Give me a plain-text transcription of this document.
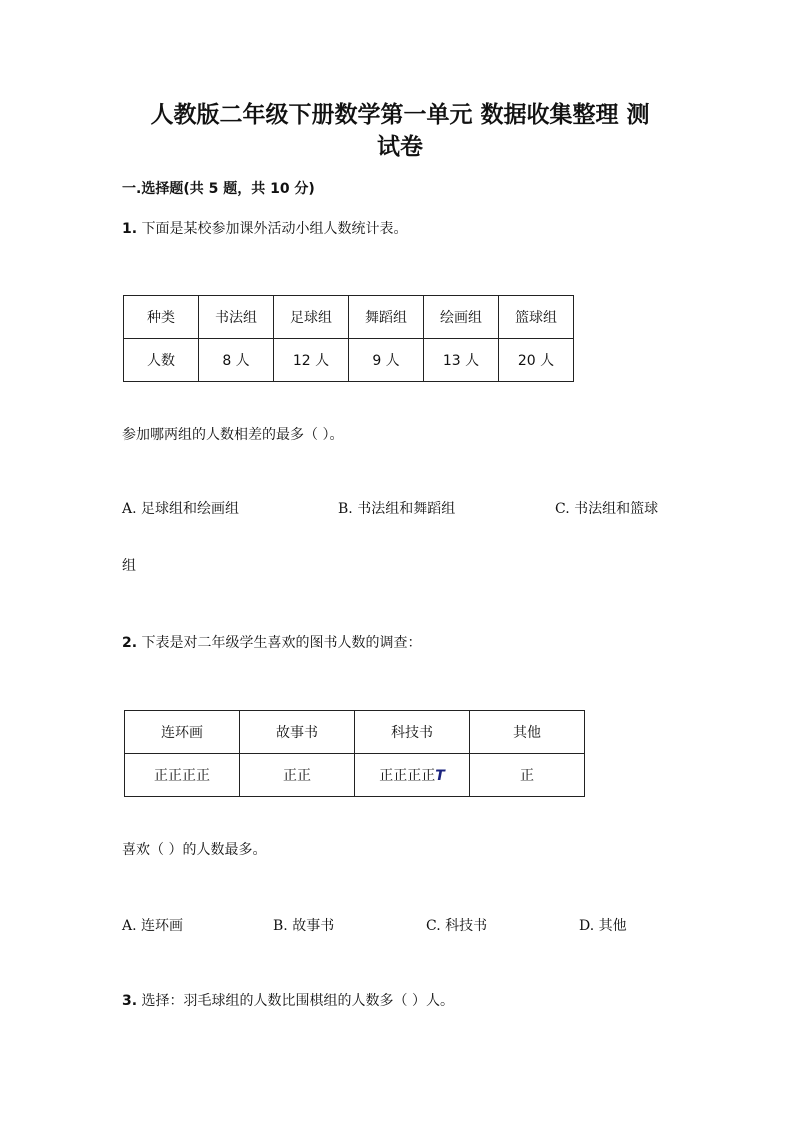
人教版二年级下册数学第一单元 数据收集整理 测
试卷
一.选择题(共 5 题，共 10 分)
1. 下面是某校参加课外活动小组人数统计表。
种类	书法组	足球组	舞蹈组	绘画组	篮球组
人数	8 人	12 人	9 人	13 人	20 人
参加哪两组的人数相差的最多（ ）。
A. 足球组和绘画组	B. 书法组和舞蹈组	C. 书法组和篮球
组
2. 下表是对二年级学生喜欢的图书人数的调查：
连环画	故事书	科技书	其他
正正正正	正正	正正正正T	正
喜欢（ ）的人数最多。
A. 连环画	B. 故事书	C. 科技书	D. 其他
3. 选择：羽毛球组的人数比围棋组的人数多（ ）人。
